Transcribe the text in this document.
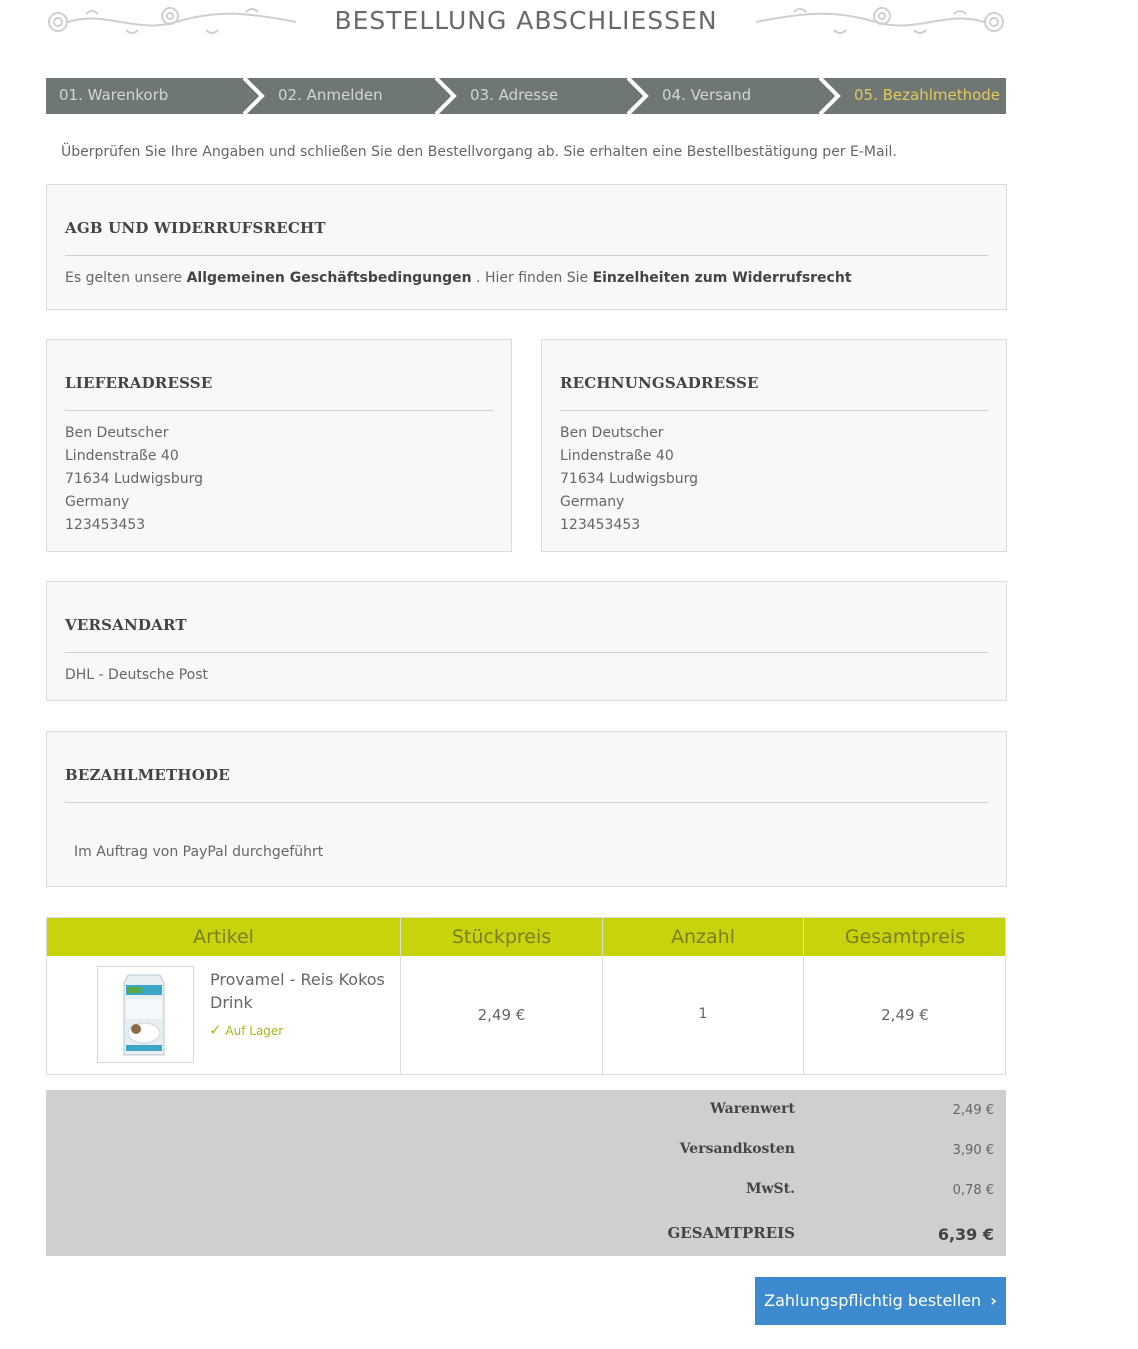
BESTELLUNG ABSCHLIESSEN
01. Warenkorb	02. Anmelden	03. Adresse	04. Versand	05. Bezahlmethode
Überprüfen Sie Ihre Angaben und schließen Sie den Bestellvorgang ab. Sie erhalten eine Bestellbestätigung per E-Mail.
AGB UND WIDERRUFSRECHT
Es gelten unsere Allgemeinen Geschäftsbedingungen . Hier finden Sie Einzelheiten zum Widerrufsrecht
LIEFERADRESSE
Ben Deutscher
Lindenstraße 40
71634 Ludwigsburg
Germany
123453453
RECHNUNGSADRESSE
Ben Deutscher
Lindenstraße 40
71634 Ludwigsburg
Germany
123453453
VERSANDART
DHL - Deutsche Post
BEZAHLMETHODE
Im Auftrag von PayPal durchgeführt
Artikel	Stückpreis	Anzahl	Gesamtpreis
Provamel - Reis Kokos Drink
✓ Auf Lager
2,49 €	1	2,49 €
Warenwert	2,49 €
Versandkosten	3,90 €
MwSt.	0,78 €
GESAMTPREIS	6,39 €
Zahlungspflichtig bestellen ›
